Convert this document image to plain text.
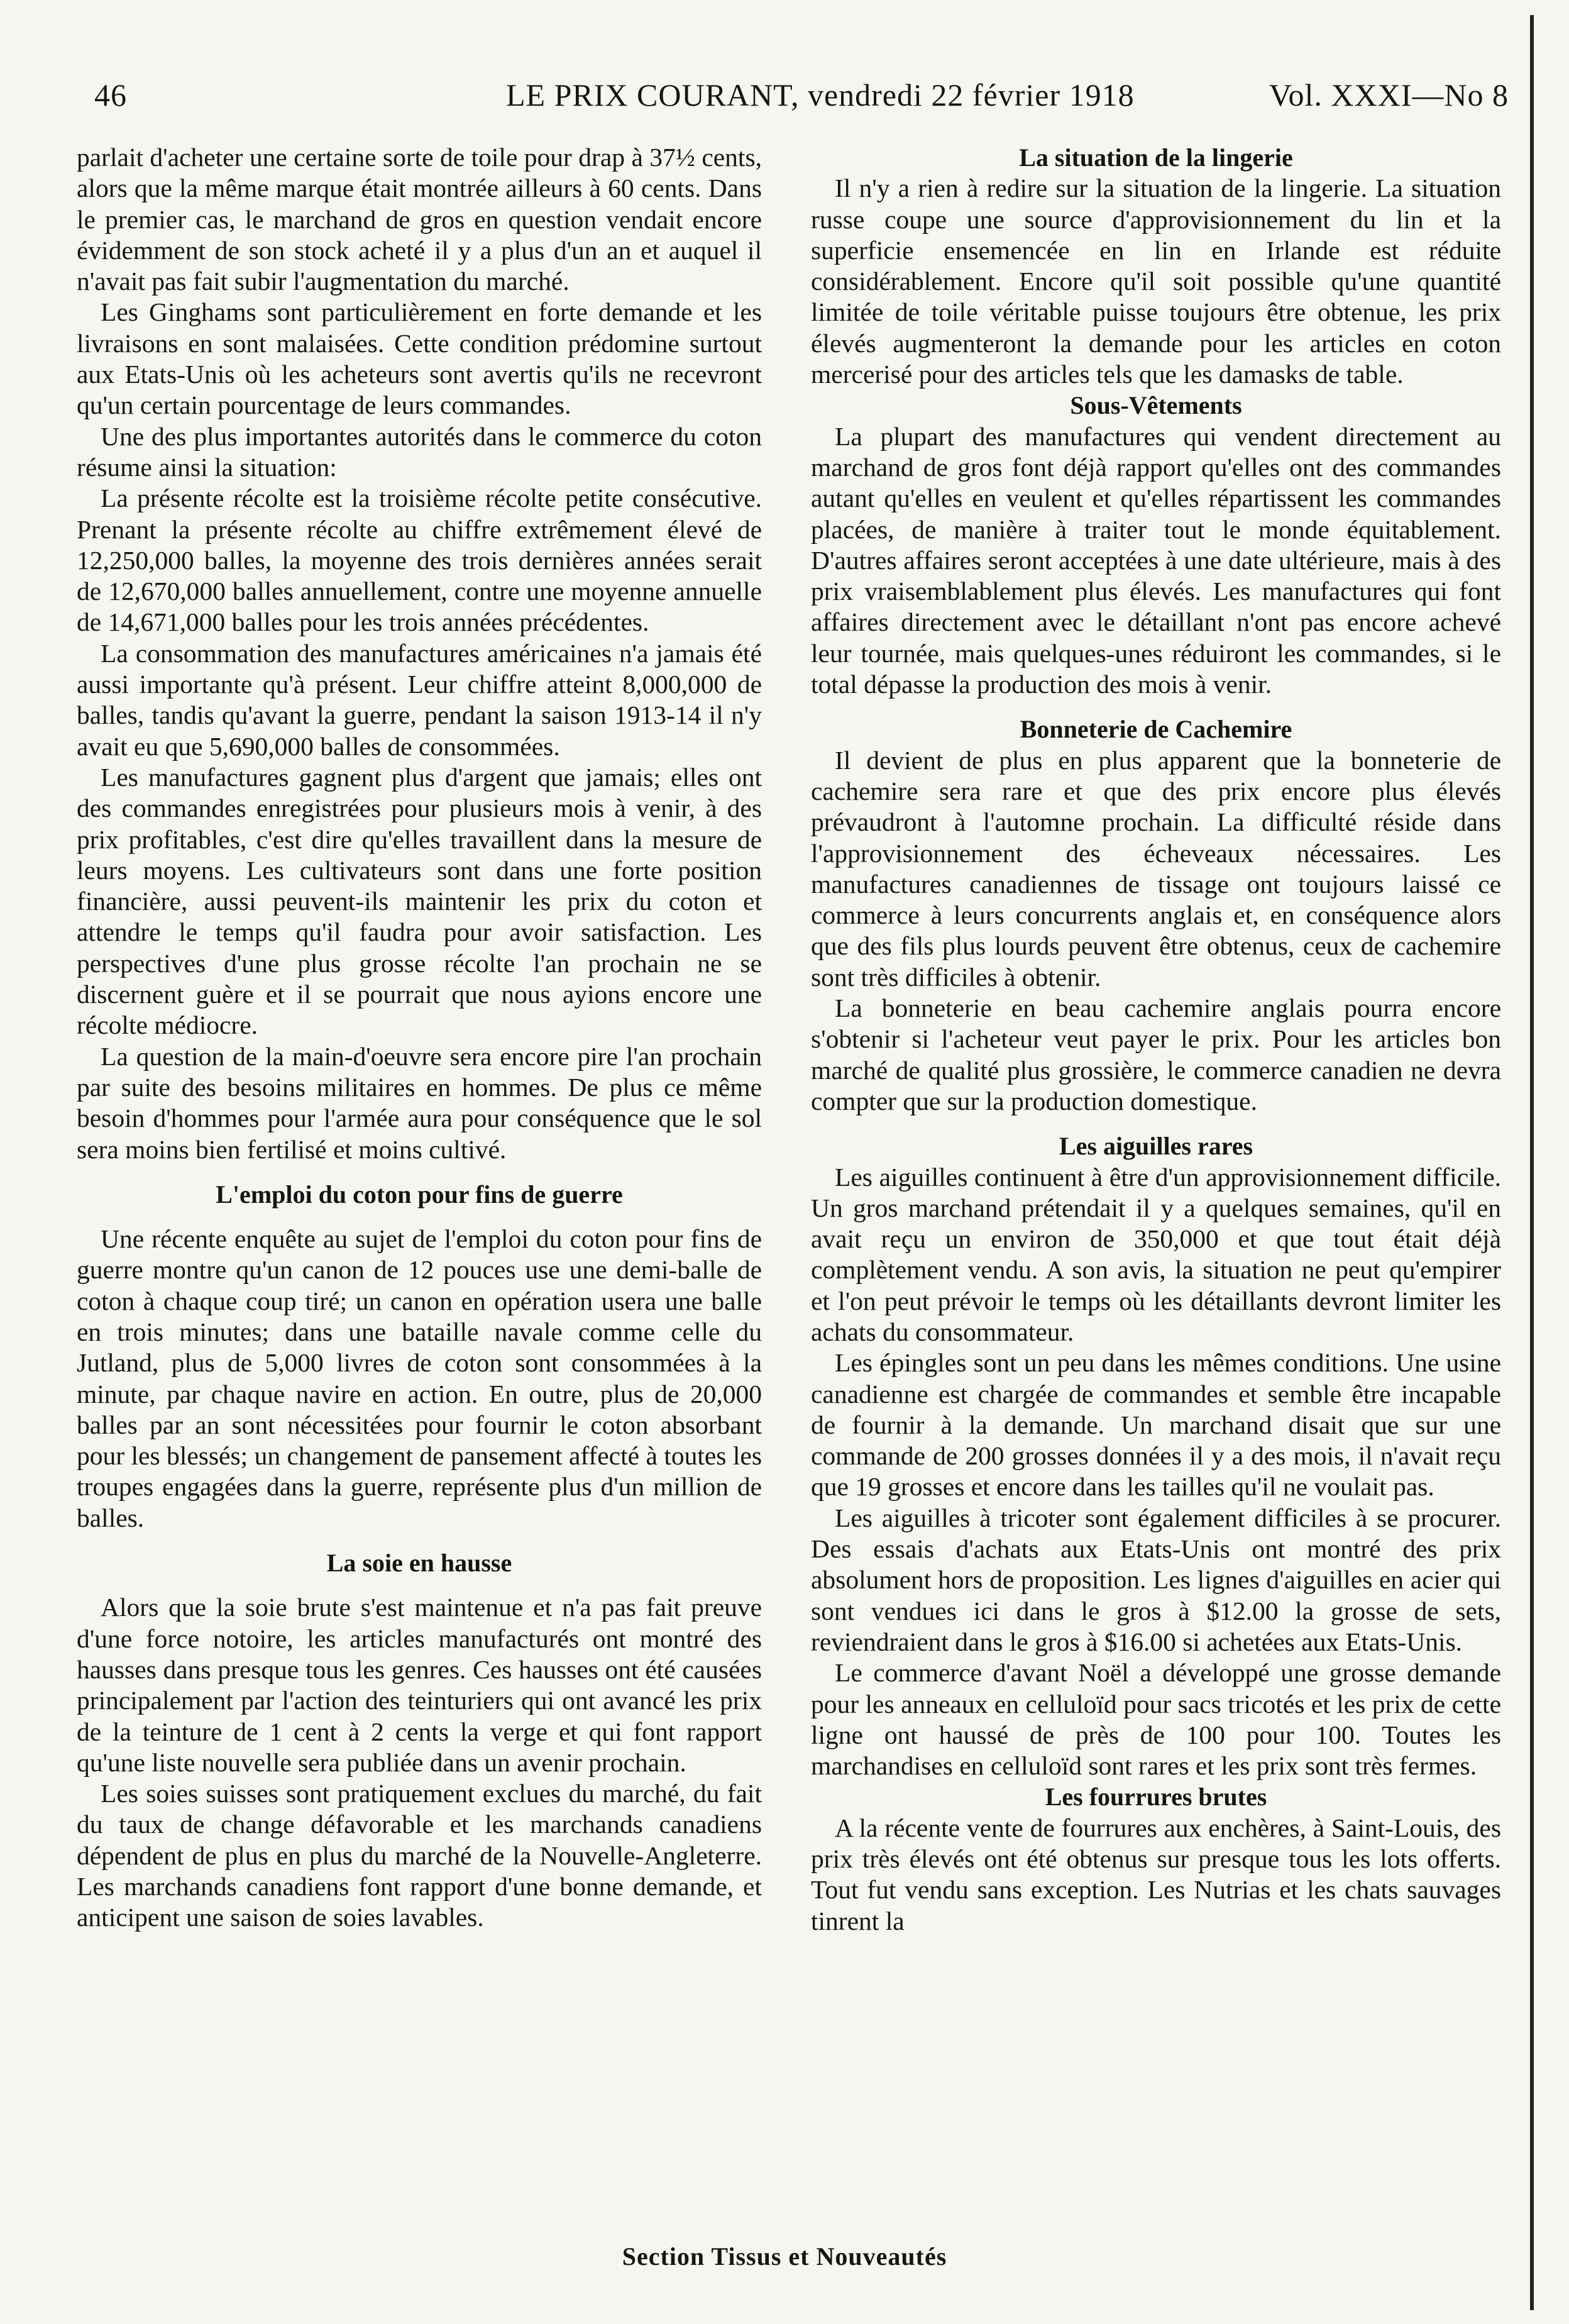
46	LE PRIX COURANT, vendredi 22 février 1918	Vol. XXXI—No 8

parlait d'acheter une certaine sorte de toile pour drap à 37½ cents, alors que la même marque était montrée ailleurs à 60 cents. Dans le premier cas, le marchand de gros en question vendait encore évidemment de son stock acheté il y a plus d'un an et auquel il n'avait pas fait subir l'augmentation du marché.

Les Ginghams sont particulièrement en forte demande et les livraisons en sont malaisées. Cette condition prédomine surtout aux Etats-Unis où les acheteurs sont avertis qu'ils ne recevront qu'un certain pourcentage de leurs commandes.

Une des plus importantes autorités dans le commerce du coton résume ainsi la situation:

La présente récolte est la troisième récolte petite consécutive. Prenant la présente récolte au chiffre extrêmement élevé de 12,250,000 balles, la moyenne des trois dernières années serait de 12,670,000 balles annuellement, contre une moyenne annuelle de 14,671,000 balles pour les trois années précédentes.

La consommation des manufactures américaines n'a jamais été aussi importante qu'à présent. Leur chiffre atteint 8,000,000 de balles, tandis qu'avant la guerre, pendant la saison 1913-14 il n'y avait eu que 5,690,000 balles de consommées.

Les manufactures gagnent plus d'argent que jamais; elles ont des commandes enregistrées pour plusieurs mois à venir, à des prix profitables, c'est dire qu'elles travaillent dans la mesure de leurs moyens. Les cultivateurs sont dans une forte position financière, aussi peuvent-ils maintenir les prix du coton et attendre le temps qu'il faudra pour avoir satisfaction. Les perspectives d'une plus grosse récolte l'an prochain ne se discernent guère et il se pourrait que nous ayions encore une récolte médiocre.

La question de la main-d'oeuvre sera encore pire l'an prochain par suite des besoins militaires en hommes. De plus ce même besoin d'hommes pour l'armée aura pour conséquence que le sol sera moins bien fertilisé et moins cultivé.

L'emploi du coton pour fins de guerre

Une récente enquête au sujet de l'emploi du coton pour fins de guerre montre qu'un canon de 12 pouces use une demi-balle de coton à chaque coup tiré; un canon en opération usera une balle en trois minutes; dans une bataille navale comme celle du Jutland, plus de 5,000 livres de coton sont consommées à la minute, par chaque navire en action. En outre, plus de 20,000 balles par an sont nécessitées pour fournir le coton absorbant pour les blessés; un changement de pansement affecté à toutes les troupes engagées dans la guerre, représente plus d'un million de balles.

La soie en hausse

Alors que la soie brute s'est maintenue et n'a pas fait preuve d'une force notoire, les articles manufacturés ont montré des hausses dans presque tous les genres. Ces hausses ont été causées principalement par l'action des teinturiers qui ont avancé les prix de la teinture de 1 cent à 2 cents la verge et qui font rapport qu'une liste nouvelle sera publiée dans un avenir prochain.

Les soies suisses sont pratiquement exclues du marché, du fait du taux de change défavorable et les marchands canadiens dépendent de plus en plus du marché de la Nouvelle-Angleterre. Les marchands canadiens font rapport d'une bonne demande, et anticipent une saison de soies lavables.

La situation de la lingerie

Il n'y a rien à redire sur la situation de la lingerie. La situation russe coupe une source d'approvisionnement du lin et la superficie ensemencée en lin en Irlande est réduite considérablement. Encore qu'il soit possible qu'une quantité limitée de toile véritable puisse toujours être obtenue, les prix élevés augmenteront la demande pour les articles en coton mercerisé pour des articles tels que les damasks de table.

Sous-Vêtements

La plupart des manufactures qui vendent directement au marchand de gros font déjà rapport qu'elles ont des commandes autant qu'elles en veulent et qu'elles répartissent les commandes placées, de manière à traiter tout le monde équitablement. D'autres affaires seront acceptées à une date ultérieure, mais à des prix vraisemblablement plus élevés. Les manufactures qui font affaires directement avec le détaillant n'ont pas encore achevé leur tournée, mais quelques-unes réduiront les commandes, si le total dépasse la production des mois à venir.

Bonneterie de Cachemire

Il devient de plus en plus apparent que la bonneterie de cachemire sera rare et que des prix encore plus élevés prévaudront à l'automne prochain. La difficulté réside dans l'approvisionnement des écheveaux nécessaires. Les manufactures canadiennes de tissage ont toujours laissé ce commerce à leurs concurrents anglais et, en conséquence alors que des fils plus lourds peuvent être obtenus, ceux de cachemire sont très difficiles à obtenir.

La bonneterie en beau cachemire anglais pourra encore s'obtenir si l'acheteur veut payer le prix. Pour les articles bon marché de qualité plus grossière, le commerce canadien ne devra compter que sur la production domestique.

Les aiguilles rares

Les aiguilles continuent à être d'un approvisionnement difficile. Un gros marchand prétendait il y a quelques semaines, qu'il en avait reçu un environ de 350,000 et que tout était déjà complètement vendu. A son avis, la situation ne peut qu'empirer et l'on peut prévoir le temps où les détaillants devront limiter les achats du consommateur.

Les épingles sont un peu dans les mêmes conditions. Une usine canadienne est chargée de commandes et semble être incapable de fournir à la demande. Un marchand disait que sur une commande de 200 grosses données il y a des mois, il n'avait reçu que 19 grosses et encore dans les tailles qu'il ne voulait pas.

Les aiguilles à tricoter sont également difficiles à se procurer. Des essais d'achats aux Etats-Unis ont montré des prix absolument hors de proposition. Les lignes d'aiguilles en acier qui sont vendues ici dans le gros à $12.00 la grosse de sets, reviendraient dans le gros à $16.00 si achetées aux Etats-Unis.

Le commerce d'avant Noël a développé une grosse demande pour les anneaux en celluloïd pour sacs tricotés et les prix de cette ligne ont haussé de près de 100 pour 100. Toutes les marchandises en celluloïd sont rares et les prix sont très fermes.

Les fourrures brutes

A la récente vente de fourrures aux enchères, à Saint-Louis, des prix très élevés ont été obtenus sur presque tous les lots offerts. Tout fut vendu sans exception. Les Nutrias et les chats sauvages tinrent la

Section Tissus et Nouveautés
